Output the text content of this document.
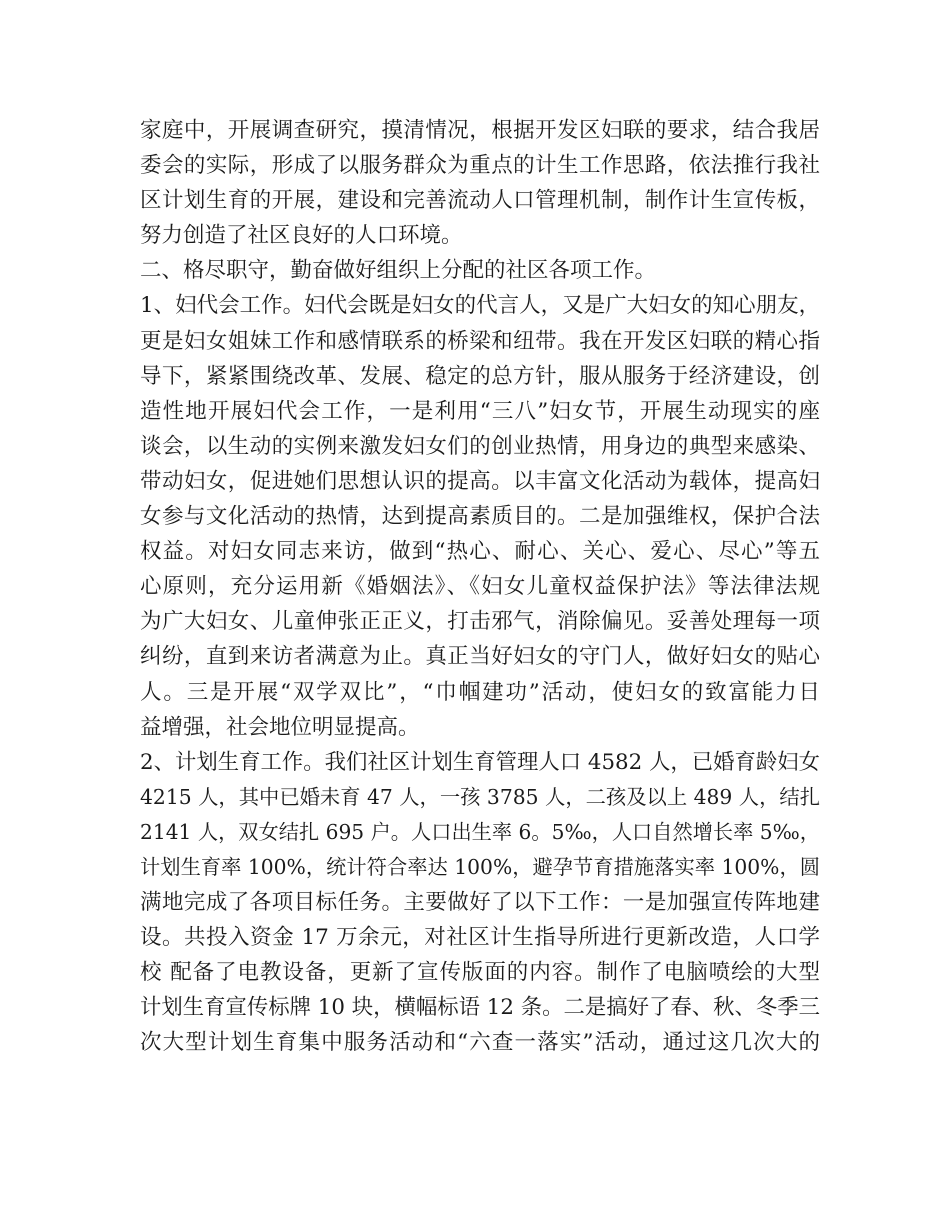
家庭中，开展调查研究，摸清情况，根据开发区妇联的要求，结合我居
委会的实际，形成了以服务群众为重点的计生工作思路，依法推行我社
区计划生育的开展，建设和完善流动人口管理机制，制作计生宣传板，
努力创造了社区良好的人口环境。
二、格尽职守，勤奋做好组织上分配的社区各项工作。
1、妇代会工作。妇代会既是妇女的代言人，又是广大妇女的知心朋友，
更是妇女姐妹工作和感情联系的桥梁和纽带。我在开发区妇联的精心指
导下，紧紧围绕改革、发展、稳定的总方针，服从服务于经济建设，创
造性地开展妇代会工作，一是利用“三八”妇女节，开展生动现实的座
谈会，以生动的实例来激发妇女们的创业热情，用身边的典型来感染、
带动妇女，促进她们思想认识的提高。以丰富文化活动为载体，提高妇
女参与文化活动的热情，达到提高素质目的。二是加强维权，保护合法
权益。对妇女同志来访，做到“热心、耐心、关心、爱心、尽心”等五
心原则，充分运用新《婚姻法》、《妇女儿童权益保护法》等法律法规
为广大妇女、儿童伸张正正义，打击邪气，消除偏见。妥善处理每一项
纠纷，直到来访者满意为止。真正当好妇女的守门人，做好妇女的贴心
人。三是开展“双学双比”，“巾帼建功”活动，使妇女的致富能力日
益增强，社会地位明显提高。
2、计划生育工作。我们社区计划生育管理人口 4582 人，已婚育龄妇女
4215 人，其中已婚未育 47 人，一孩 3785 人，二孩及以上 489 人，结扎
2141 人，双女结扎 695 户。人口出生率 6。5‰，人口自然增长率 5‰，
计划生育率 100%，统计符合率达 100%，避孕节育措施落实率 100%，圆
满地完成了各项目标任务。主要做好了以下工作：一是加强宣传阵地建
设。共投入资金 17 万余元，对社区计生指导所进行更新改造，人口学
校 配备了电教设备，更新了宣传版面的内容。制作了电脑喷绘的大型
计划生育宣传标牌 10 块，横幅标语 12 条。二是搞好了春、秋、冬季三
次大型计划生育集中服务活动和“六查一落实”活动，通过这几次大的
